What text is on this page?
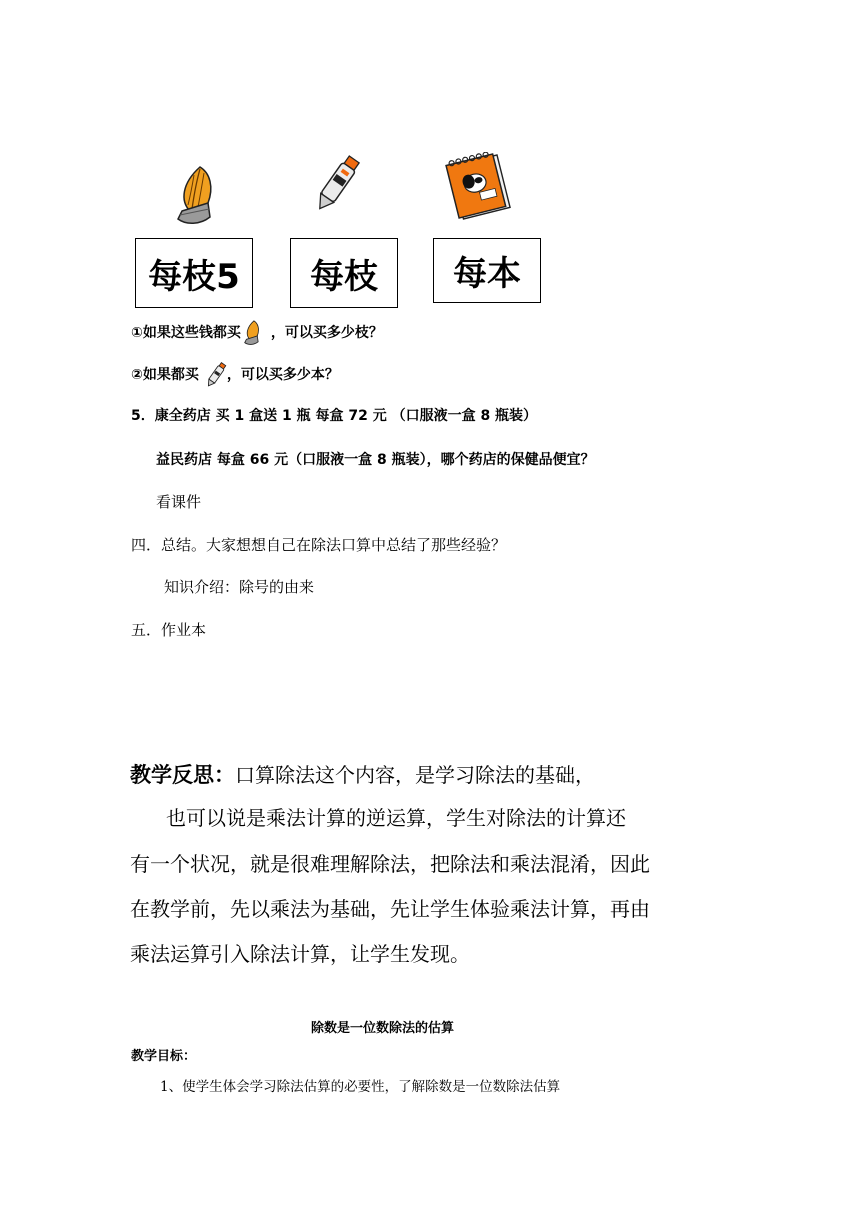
每枝5	每枝	每本
①如果这些钱都买 ，可以买多少枝？
②如果都买 ，可以买多少本？
5．康全药店 买 1 盒送 1 瓶 每盒 72 元 （口服液一盒 8 瓶装）
益民药店 每盒 66 元（口服液一盒 8 瓶装），哪个药店的保健品便宜？
看课件
四．总结。大家想想自己在除法口算中总结了那些经验？
知识介绍：除号的由来
五．作业本
教学反思：口算除法这个内容，是学习除法的基础，
也可以说是乘法计算的逆运算，学生对除法的计算还
有一个状况，就是很难理解除法，把除法和乘法混淆，因此
在教学前，先以乘法为基础，先让学生体验乘法计算，再由
乘法运算引入除法计算，让学生发现。
除数是一位数除法的估算
教学目标：
1、使学生体会学习除法估算的必要性，了解除数是一位数除法估算
